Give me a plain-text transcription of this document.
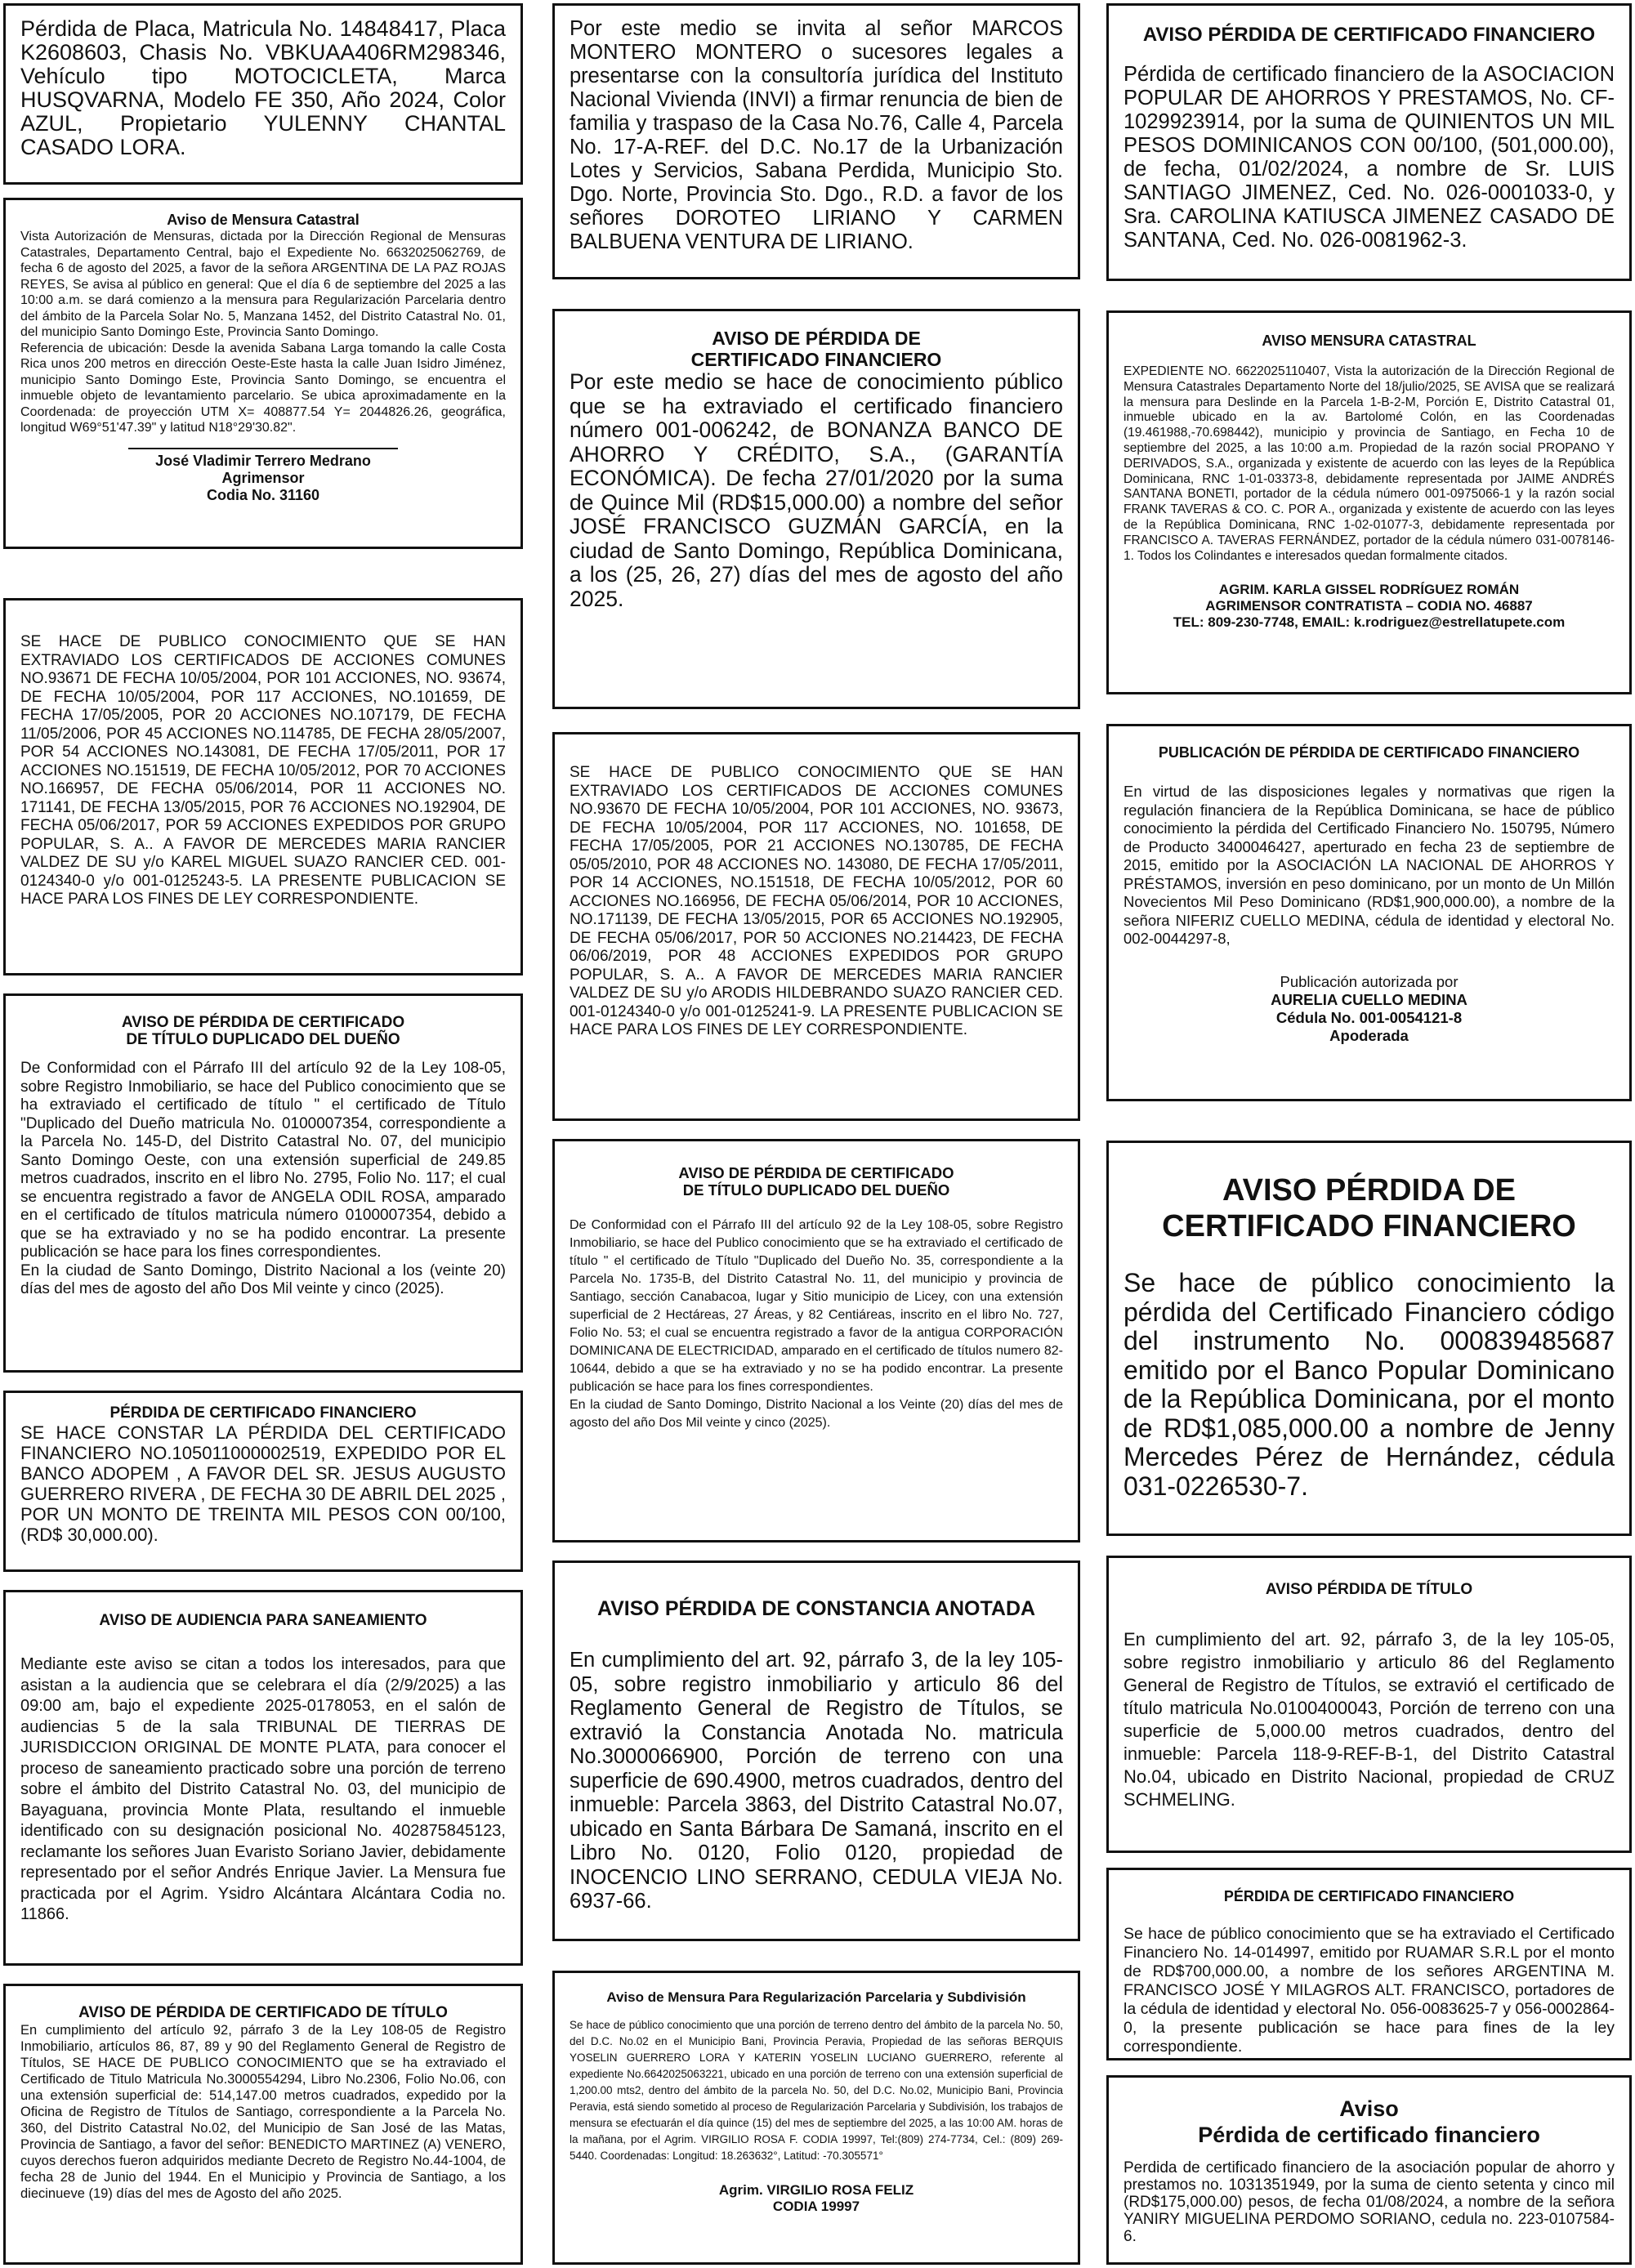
Pérdida de Placa, Matricula No. 14848417, Placa K2608603, Chasis No. VBKUAA406RM298346, Vehículo tipo MOTOCICLETA, Marca HUSQVARNA, Modelo FE 350, Año 2024, Color AZUL, Propietario YULENNY CHANTAL CASADO LORA.

Aviso de Mensura Catastral

Vista Autorización de Mensuras, dictada por la Dirección Regional de Mensuras Catastrales, Departamento Central, bajo el Expediente No. 6632025062769, de fecha 6 de agosto del 2025, a favor de la señora ARGENTINA DE LA PAZ ROJAS REYES, Se avisa al público en general: Que el día 6 de septiembre del 2025 a las 10:00 a.m. se dará comienzo a la mensura para Regularización Parcelaria dentro del ámbito de la Parcela Solar No. 5, Manzana 1452, del Distrito Catastral No. 01, del municipio Santo Domingo Este, Provincia Santo Domingo.

Referencia de ubicación: Desde la avenida Sabana Larga tomando la calle Costa Rica unos 200 metros en dirección Oeste-Este hasta la calle Juan Isidro Jiménez, municipio Santo Domingo Este, Provincia Santo Domingo, se encuentra el inmueble objeto de levantamiento parcelario. Se ubica aproximadamente en la Coordenada: de proyección UTM X= 408877.54 Y= 2044826.26, geográfica, longitud W69°51'47.39" y latitud N18°29'30.82".

José Vladimir Terrero Medrano

Agrimensor

Codia No. 31160

SE HACE DE PUBLICO CONOCIMIENTO QUE SE HAN EXTRAVIADO LOS CERTIFICADOS DE ACCIONES COMUNES NO.93671 DE FECHA 10/05/2004, POR 101 ACCIONES, NO. 93674, DE FECHA 10/05/2004, POR 117 ACCIONES, NO.101659, DE FECHA 17/05/2005, POR 20 ACCIONES NO.107179, DE FECHA 11/05/2006, POR 45 ACCIONES NO.114785, DE FECHA 28/05/2007, POR 54 ACCIONES NO.143081, DE FECHA 17/05/2011, POR 17 ACCIONES NO.151519, DE FECHA 10/05/2012, POR 70 ACCIONES NO.166957, DE FECHA 05/06/2014, POR 11 ACCIONES NO. 171141, DE FECHA 13/05/2015, POR 76 ACCIONES NO.192904, DE FECHA 05/06/2017, POR 59 ACCIONES EXPEDIDOS POR GRUPO POPULAR, S. A.. A FAVOR DE MERCEDES MARIA RANCIER VALDEZ DE SU y/o KAREL MIGUEL SUAZO RANCIER CED. 001-0124340-0 y/o 001-0125243-5. LA PRESENTE PUBLICACION SE HACE PARA LOS FINES DE LEY CORRESPONDIENTE.

AVISO DE PÉRDIDA DE CERTIFICADO
DE TÍTULO DUPLICADO DEL DUEÑO

De Conformidad con el Párrafo III del artículo 92 de la Ley 108-05, sobre Registro Inmobiliario, se hace del Publico conocimiento que se ha extraviado el certificado de título " el certificado de Título "Duplicado del Dueño matricula No. 0100007354, correspondiente a la Parcela No. 145-D, del Distrito Catastral No. 07, del municipio Santo Domingo Oeste, con una extensión superficial de 249.85 metros cuadrados, inscrito en el libro No. 2795, Folio No. 117; el cual se encuentra registrado a favor de ANGELA ODIL ROSA, amparado en el certificado de títulos matricula número 0100007354, debido a que se ha extraviado y no se ha podido encontrar. La presente publicación se hace para los fines correspondientes.

En la ciudad de Santo Domingo, Distrito Nacional a los (veinte 20) días del mes de agosto del año Dos Mil veinte y cinco (2025).

PÉRDIDA DE CERTIFICADO FINANCIERO

SE HACE CONSTAR LA PÉRDIDA DEL CERTIFICADO FINANCIERO NO.105011000002519, EXPEDIDO POR EL BANCO ADOPEM , A FAVOR DEL SR. JESUS AUGUSTO GUERRERO RIVERA , DE FECHA 30 DE ABRIL DEL 2025 , POR UN MONTO DE TREINTA MIL PESOS CON 00/100, (RD$ 30,000.00).

AVISO DE AUDIENCIA PARA SANEAMIENTO

Mediante este aviso se citan a todos los interesados, para que asistan a la audiencia que se celebrara el día (2/9/2025) a las 09:00 am, bajo el expediente 2025-0178053, en el salón de audiencias 5 de la sala TRIBUNAL DE TIERRAS DE JURISDICCION ORIGINAL DE MONTE PLATA, para conocer el proceso de saneamiento practicado sobre una porción de terreno sobre el ámbito del Distrito Catastral No. 03, del municipio de Bayaguana, provincia Monte Plata, resultando el inmueble identificado con su designación posicional No. 402875845123, reclamante los señores Juan Evaristo Soriano Javier, debidamente representado por el señor Andrés Enrique Javier. La Mensura fue practicada por el Agrim. Ysidro Alcántara Alcántara Codia no. 11866.

AVISO DE PÉRDIDA DE CERTIFICADO DE TÍTULO

En cumplimiento del artículo 92, párrafo 3 de la Ley 108-05 de Registro Inmobiliario, artículos 86, 87, 89 y 90 del Reglamento General de Registro de Títulos, SE HACE DE PUBLICO CONOCIMIENTO que se ha extraviado el Certificado de Titulo Matricula No.3000554294, Libro No.2306, Folio No.06, con una extensión superficial de: 514,147.00 metros cuadrados, expedido por la Oficina de Registro de Títulos de Santiago, correspondiente a la Parcela No. 360, del Distrito Catastral No.02, del Municipio de San José de las Matas, Provincia de Santiago, a favor del señor: BENEDICTO MARTINEZ (A) VENERO, cuyos derechos fueron adquiridos mediante Decreto de Registro No.44-1004, de fecha 28 de Junio del 1944. En el Municipio y Provincia de Santiago, a los diecinueve (19) días del mes de Agosto del año 2025.

Por este medio se invita al señor MARCOS MONTERO MONTERO o sucesores legales a presentarse con la consultoría jurídica del Instituto Nacional Vivienda (INVI) a firmar renuncia de bien de familia y traspaso de la Casa No.76, Calle 4, Parcela No. 17-A-REF. del D.C. No.17 de la Urbanización Lotes y Servicios, Sabana Perdida, Municipio Sto. Dgo. Norte, Provincia Sto. Dgo., R.D. a favor de los señores DOROTEO LIRIANO Y CARMEN BALBUENA VENTURA DE LIRIANO.

AVISO DE PÉRDIDA DE
CERTIFICADO FINANCIERO

Por este medio se hace de conocimiento público que se ha extraviado el certificado financiero número 001-006242, de BONANZA BANCO DE AHORRO Y CRÉDITO, S.A., (GARANTÍA ECONÓMICA). De fecha 27/01/2020 por la suma de Quince Mil (RD$15,000.00) a nombre del señor JOSÉ FRANCISCO GUZMÁN GARCÍA, en la ciudad de Santo Domingo, República Dominicana, a los (25, 26, 27) días del mes de agosto del año 2025.

SE HACE DE PUBLICO CONOCIMIENTO QUE SE HAN EXTRAVIADO LOS CERTIFICADOS DE ACCIONES COMUNES NO.93670 DE FECHA 10/05/2004, POR 101 ACCIONES, NO. 93673, DE FECHA 10/05/2004, POR 117 ACCIONES, NO. 101658, DE FECHA 17/05/2005, POR 21 ACCIONES NO.130785, DE FECHA 05/05/2010, POR 48 ACCIONES NO. 143080, DE FECHA 17/05/2011, POR 14 ACCIONES, NO.151518, DE FECHA 10/05/2012, POR 60 ACCIONES NO.166956, DE FECHA 05/06/2014, POR 10 ACCIONES, NO.171139, DE FECHA 13/05/2015, POR 65 ACCIONES NO.192905, DE FECHA 05/06/2017, POR 50 ACCIONES NO.214423, DE FECHA 06/06/2019, POR 48 ACCIONES EXPEDIDOS POR GRUPO POPULAR, S. A.. A FAVOR DE MERCEDES MARIA RANCIER VALDEZ DE SU y/o ARODIS HILDEBRANDO SUAZO RANCIER CED. 001-0124340-0 y/o 001-0125241-9. LA PRESENTE PUBLICACION SE HACE PARA LOS FINES DE LEY CORRESPONDIENTE.

AVISO DE PÉRDIDA DE CERTIFICADO
DE TÍTULO DUPLICADO DEL DUEÑO

De Conformidad con el Párrafo III del artículo 92 de la Ley 108-05, sobre Registro Inmobiliario, se hace del Publico conocimiento que se ha extraviado el certificado de título " el certificado de Título "Duplicado del Dueño No. 35, correspondiente a la Parcela No. 1735-B, del Distrito Catastral No. 11, del municipio y provincia de Santiago, sección Canabacoa, lugar y Sitio municipio de Licey, con una extensión superficial de 2 Hectáreas, 27 Áreas, y 82 Centiáreas, inscrito en el libro No. 727, Folio No. 53; el cual se encuentra registrado a favor de la antigua CORPORACIÓN DOMINICANA DE ELECTRICIDAD, amparado en el certificado de títulos numero 82-10644, debido a que se ha extraviado y no se ha podido encontrar. La presente publicación se hace para los fines correspondientes.

En la ciudad de Santo Domingo, Distrito Nacional a los Veinte (20) días del mes de agosto del año Dos Mil veinte y cinco (2025).

AVISO PÉRDIDA DE CONSTANCIA ANOTADA

En cumplimiento del art. 92, párrafo 3, de la ley 105-05, sobre registro inmobiliario y articulo 86 del Reglamento General de Registro de Títulos, se extravió la Constancia Anotada No. matricula No.3000066900, Porción de terreno con una superficie de 690.4900, metros cuadrados, dentro del inmueble: Parcela 3863, del Distrito Catastral No.07, ubicado en Santa Bárbara De Samaná, inscrito en el Libro No. 0120, Folio 0120, propiedad de INOCENCIO LINO SERRANO, CEDULA VIEJA No. 6937-66.

Aviso de Mensura Para Regularización Parcelaria y Subdivisión

Se hace de público conocimiento que una porción de terreno dentro del ámbito de la parcela No. 50, del D.C. No.02 en el Municipio Bani, Provincia Peravia, Propiedad de las señoras BERQUIS YOSELIN GUERRERO LORA Y KATERIN YOSELIN LUCIANO GUERRERO, referente al expediente No.6642025063221, ubicado en una porción de terreno con una extensión superficial de 1,200.00 mts2, dentro del ámbito de la parcela No. 50, del D.C. No.02, Municipio Bani, Provincia Peravia, está siendo sometido al proceso de Regularización Parcelaria y Subdivisión, los trabajos de mensura se efectuarán el día quince (15) del mes de septiembre del 2025, a las 10:00 AM. horas de la mañana, por el Agrim. VIRGILIO ROSA F. CODIA 19997, Tel:(809) 274-7734, Cel.: (809) 269-5440. Coordenadas: Longitud: 18.263632°, Latitud: -70.305571°

Agrim. VIRGILIO ROSA FELIZ

CODIA 19997

AVISO PÉRDIDA DE CERTIFICADO FINANCIERO

Pérdida de certificado financiero de la ASOCIACION POPULAR DE AHORROS Y PRESTAMOS, No. CF-1029923914, por la suma de QUINIENTOS UN MIL PESOS DOMINICANOS CON 00/100, (501,000.00), de fecha, 01/02/2024, a nombre de Sr. LUIS SANTIAGO JIMENEZ, Ced. No. 026-0001033-0, y Sra. CAROLINA KATIUSCA JIMENEZ CASADO DE SANTANA, Ced. No. 026-0081962-3.

AVISO MENSURA CATASTRAL

EXPEDIENTE NO. 6622025110407, Vista la autorización de la Dirección Regional de Mensura Catastrales Departamento Norte del 18/julio/2025, SE AVISA que se realizará la mensura para Deslinde en la Parcela 1-B-2-M, Porción E, Distrito Catastral 01, inmueble ubicado en la av. Bartolomé Colón, en las Coordenadas (19.461988,-70.698442), municipio y provincia de Santiago, en Fecha 10 de septiembre del 2025, a las 10:00 a.m. Propiedad de la razón social PROPANO Y DERIVADOS, S.A., organizada y existente de acuerdo con las leyes de la República Dominicana, RNC 1-01-03373-8, debidamente representada por JAIME ANDRÉS SANTANA BONETI, portador de la cédula número 001-0975066-1 y la razón social FRANK TAVERAS & CO. C. POR A., organizada y existente de acuerdo con las leyes de la República Dominicana, RNC 1-02-01077-3, debidamente representada por FRANCISCO A. TAVERAS FERNÁNDEZ, portador de la cédula número 031-0078146-1. Todos los Colindantes e interesados quedan formalmente citados.

AGRIM. KARLA GISSEL RODRÍGUEZ ROMÁN

AGRIMENSOR CONTRATISTA – CODIA NO. 46887

TEL: 809-230-7748, EMAIL: k.rodriguez@estrellatupete.com

PUBLICACIÓN DE PÉRDIDA DE CERTIFICADO FINANCIERO

En virtud de las disposiciones legales y normativas que rigen la regulación financiera de la República Dominicana, se hace de público conocimiento la pérdida del Certificado Financiero No. 150795, Número de Producto 3400046427, aperturado en fecha 23 de septiembre de 2015, emitido por la ASOCIACIÓN LA NACIONAL DE AHORROS Y PRÉSTAMOS, inversión en peso dominicano, por un monto de Un Millón Novecientos Mil Peso Dominicano (RD$1,900,000.00), a nombre de la señora NIFERIZ CUELLO MEDINA, cédula de identidad y electoral No. 002-0044297-8,

Publicación autorizada por

AURELIA CUELLO MEDINA

Cédula No. 001-0054121-8

Apoderada

AVISO PÉRDIDA DE
CERTIFICADO FINANCIERO

Se hace de público conocimiento la pérdida del Certificado Financiero código del instrumento No. 000839485687 emitido por el Banco Popular Dominicano de la República Dominicana, por el monto de RD$1,085,000.00 a nombre de Jenny Mercedes Pérez de Hernández, cédula 031-0226530-7.

AVISO PÉRDIDA DE TÍTULO

En cumplimiento del art. 92, párrafo 3, de la ley 105-05, sobre registro inmobiliario y articulo 86 del Reglamento General de Registro de Títulos, se extravió el certificado de título matricula No.0100400043, Porción de terreno con una superficie de 5,000.00 metros cuadrados, dentro del inmueble: Parcela 118-9-REF-B-1, del Distrito Catastral No.04, ubicado en Distrito Nacional, propiedad de CRUZ SCHMELING.

PÉRDIDA DE CERTIFICADO FINANCIERO

Se hace de público conocimiento que se ha extraviado el Certificado Financiero No. 14-014997, emitido por RUAMAR S.R.L por el monto de RD$700,000.00, a nombre de los señores ARGENTINA M. FRANCISCO JOSÉ Y MILAGROS ALT. FRANCISCO, portadores de la cédula de identidad y electoral No. 056-0083625-7 y 056-0002864-0, la presente publicación se hace para fines de la ley correspondiente.

Aviso
Pérdida de certificado financiero

Perdida de certificado financiero de la asociación popular de ahorro y prestamos no. 1031351949, por la suma de ciento setenta y cinco mil (RD$175,000.00) pesos, de fecha 01/08/2024, a nombre de la señora YANIRY MIGUELINA PERDOMO SORIANO, cedula no. 223-0107584-6.
